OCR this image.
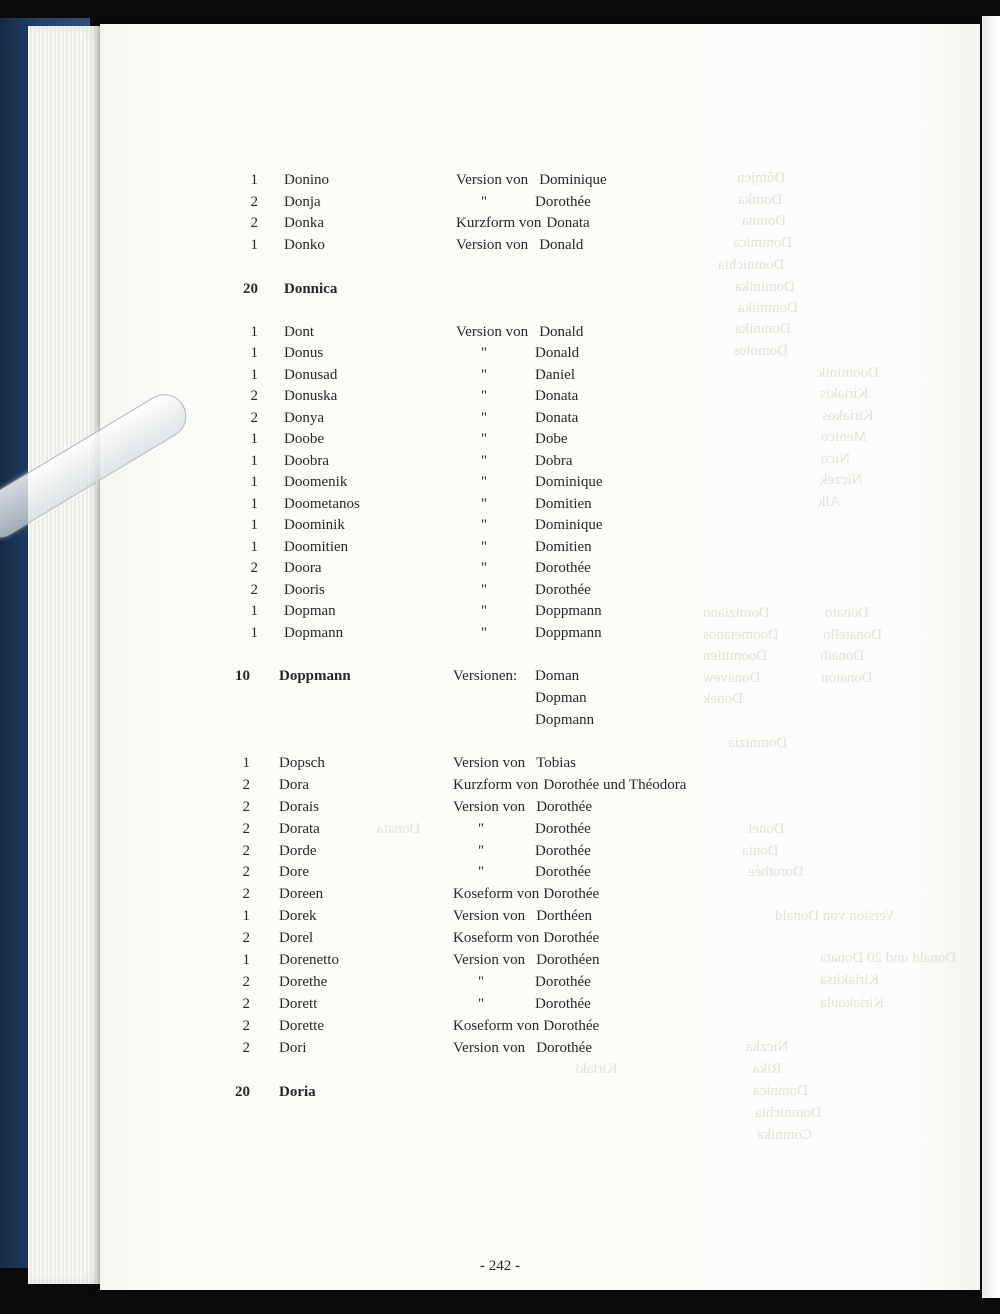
Dômjcn
Domka
Domna
Dommica
Domnichia
Dominika
Dommika
Domnika
Domolos
Doominik
Kiriakis
Kiriakos
Menico
Nico
Niczek
Alk
Donato
Donatello
Donath
Donaton
Domiziano
Doometanos
Doomitien
Donavew
Donek
Donet
Donia
Dorothée
Version von Donald
Donald und 20 Donata
Kiriakitsa
Kiriakoula
Niczka
Rika
Domnica
Domnichia
Comnika
Domnizia
Kiriaki
Donata
1 Donino	Version von Dominique
2 Donja	"	Dorothée
2 Donka	Kurzform von Donata
1 Donko	Version von Donald
20 Donnica
1 Dont	Version von Donald
1 Donus	"	Donald
1 Donusad	"	Daniel
2 Donuska	"	Donata
2 Donya	"	Donata
1 Doobe	"	Dobe
1 Doobra	"	Dobra
1 Doomenik	"	Dominique
1 Doometanos	"	Domitien
1 Doominik	"	Dominique
1 Doomitien	"	Domitien
2 Doora	"	Dorothée
2 Dooris	"	Dorothée
1 Dopman	"	Doppmann
1 Dopmann	"	Doppmann
10 Doppmann	Versionen: Doman
Dopman
Dopmann
1 Dopsch	Version von Tobias
2 Dora	Kurzform von Dorothée und Théodora
2 Dorais	Version von Dorothée
2 Dorata	"	Dorothée
2 Dorde	"	Dorothée
2 Dore	"	Dorothée
2 Doreen	Koseform von Dorothée
1 Dorek	Version von Dorthéen
2 Dorel	Koseform von Dorothée
1 Dorenetto	Version von Dorothéen
2 Dorethe	"	Dorothée
2 Dorett	"	Dorothée
2 Dorette	Koseform von Dorothée
2 Dori	Version von Dorothée
20 Doria
- 242 -
